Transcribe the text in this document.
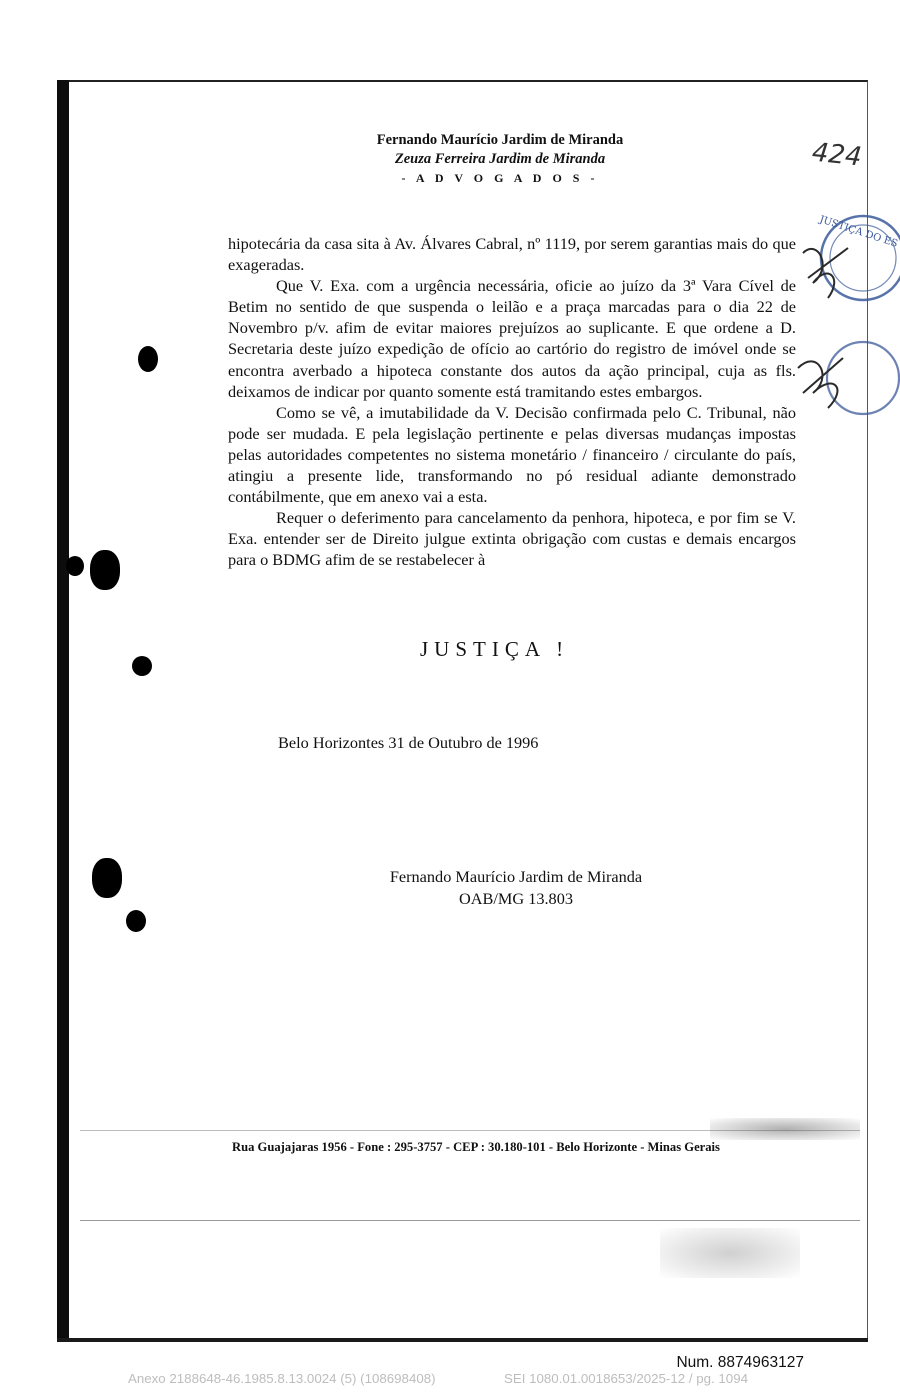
Fernando Maurício Jardim de Miranda
Zeuza Ferreira Jardim de Miranda
- A D V O G A D O S -
424
JUSTIÇA DO ES

hipotecária da casa sita à Av. Álvares Cabral, nº 1119, por serem garantias mais do que exageradas.

Que V. Exa. com a urgência necessária, oficie ao juízo da 3ª Vara Cível de Betim no sentido de que suspenda o leilão e a praça marcadas para o dia 22 de Novembro p/v. afim de evitar maiores prejuízos ao suplicante. E que ordene a D. Secretaria deste juízo expedição de ofício ao cartório do registro de imóvel onde se encontra averbado a hipoteca constante dos autos da ação principal, cuja as fls. deixamos de indicar por quanto somente está tramitando estes embargos.

Como se vê, a imutabilidade da V. Decisão confirmada pelo C. Tribunal, não pode ser mudada. E pela legislação pertinente e pelas diversas mudanças impostas pelas autoridades competentes no sistema monetário / financeiro / circulante do país, atingiu a presente lide, transformando no pó residual adiante demonstrado contábilmente, que em anexo vai a esta.

Requer o deferimento para cancelamento da penhora, hipoteca, e por fim se V. Exa. entender ser de Direito julgue extinta obrigação com custas e demais encargos para o BDMG afim de se restabelecer à

JUSTIÇA !
Belo Horizontes 31 de Outubro de 1996
Fernando Maurício Jardim de Miranda
OAB/MG 13.803
Rua Guajajaras 1956 - Fone : 295-3757 - CEP : 30.180-101 - Belo Horizonte - Minas Gerais
Num. 8874963127
Anexo 2188648-46.1985.8.13.0024 (5) (108698408)	SEI 1080.01.0018653/2025-12 / pg. 1094
